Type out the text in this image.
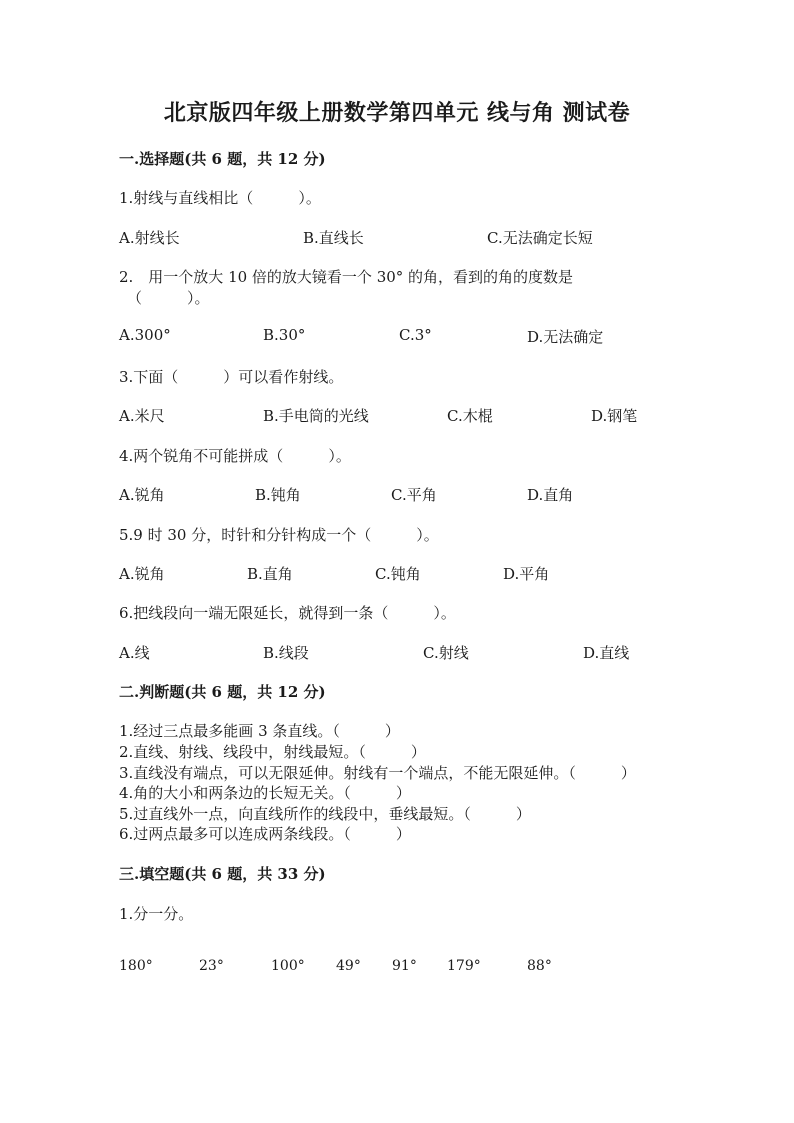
北京版四年级上册数学第四单元 线与角 测试卷
一.选择题(共 6 题，共 12 分)
1.射线与直线相比（　　　）。
A.射线长	B.直线长	C.无法确定长短
2.　用一个放大 10 倍的放大镜看一个 30° 的角，看到的角的度数是
（　　　）。
A.300°	B.30°	C.3°	D.无法确定
3.下面（　　　）可以看作射线。
A.米尺	B.手电筒的光线	C.木棍	D.钢笔
4.两个锐角不可能拼成（　　　）。
A.锐角	B.钝角	C.平角	D.直角
5.9 时 30 分，时针和分针构成一个（　　　）。
A.锐角	B.直角	C.钝角	D.平角
6.把线段向一端无限延长，就得到一条（　　　）。
A.线	B.线段	C.射线	D.直线
二.判断题(共 6 题，共 12 分)
1.经过三点最多能画 3 条直线。（　　　）
2.直线、射线、线段中，射线最短。（　　　）
3.直线没有端点，可以无限延伸。射线有一个端点，不能无限延伸。（　　　）
4.角的大小和两条边的长短无关。（　　　）
5.过直线外一点，向直线所作的线段中，垂线最短。（　　　）
6.过两点最多可以连成两条线段。（　　　）
三.填空题(共 6 题，共 33 分)
1.分一分。
180°	23°	100° 49° 91° 179°	88°
